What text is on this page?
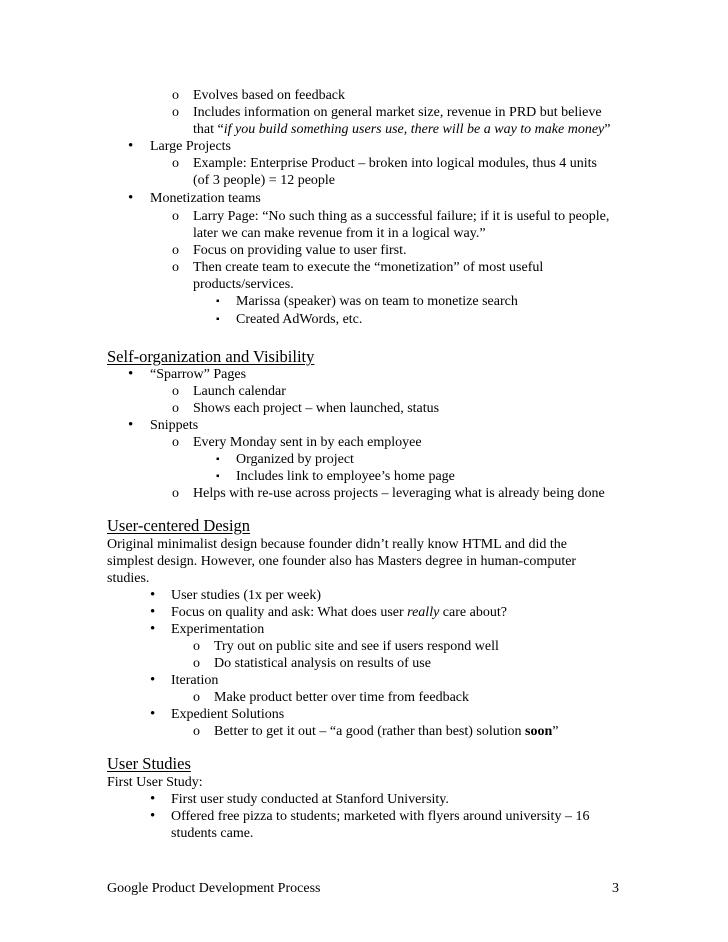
o Evolves based on feedback
o Includes information on general market size, revenue in PRD but believe
that “if you build something users use, there will be a way to make money”
• Large Projects
o Example: Enterprise Product – broken into logical modules, thus 4 units
(of 3 people) = 12 people
• Monetization teams
o Larry Page: “No such thing as a successful failure; if it is useful to people,
later we can make revenue from it in a logical way.”
o Focus on providing value to user first.
o Then create team to execute the “monetization” of most useful
products/services.
▪ Marissa (speaker) was on team to monetize search
▪ Created AdWords, etc.
Self-organization and Visibility
• “Sparrow” Pages
o Launch calendar
o Shows each project – when launched, status
• Snippets
o Every Monday sent in by each employee
▪ Organized by project
▪ Includes link to employee’s home page
o Helps with re-use across projects – leveraging what is already being done
User-centered Design
Original minimalist design because founder didn’t really know HTML and did the
simplest design. However, one founder also has Masters degree in human-computer
studies.
• User studies (1x per week)
• Focus on quality and ask: What does user really care about?
• Experimentation
o Try out on public site and see if users respond well
o Do statistical analysis on results of use
• Iteration
o Make product better over time from feedback
• Expedient Solutions
o Better to get it out – “a good (rather than best) solution soon”
User Studies
First User Study:
• First user study conducted at Stanford University.
• Offered free pizza to students; marketed with flyers around university – 16
students came.
Google Product Development Process	3
